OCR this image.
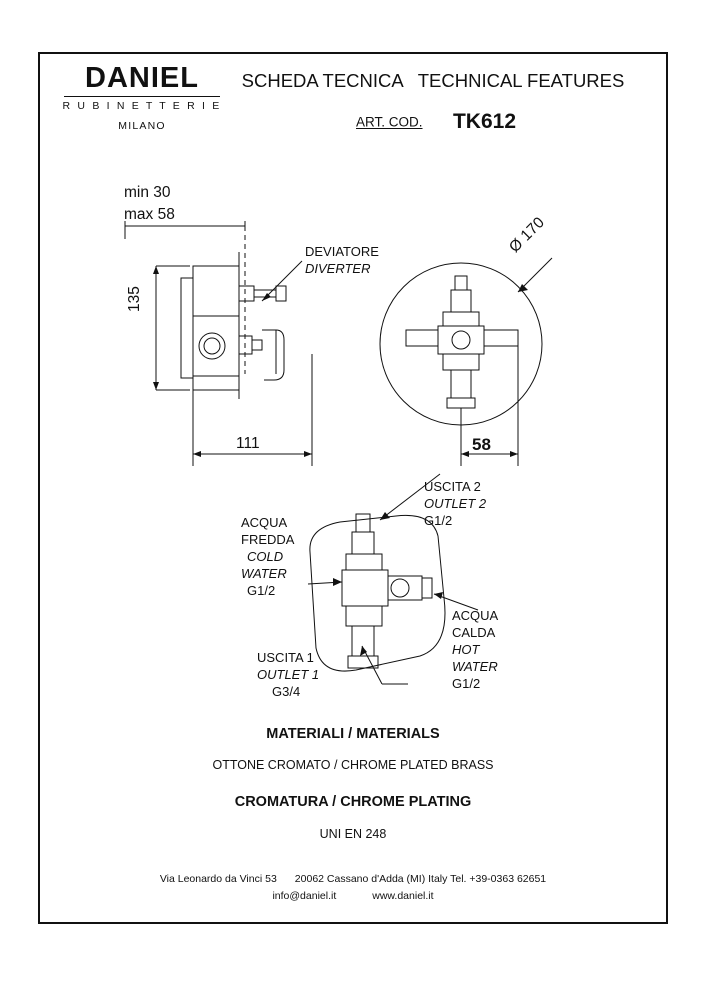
DANIEL
R U B I N E T T E R I E
MILANO
SCHEDA TECNICA TECHNICAL FEATURES
ART. COD. TK612
min 30
max 58
135
111
DEVIATORE
DIVERTER
Ø 170
58
USCITA 2
OUTLET 2
G1/2
ACQUA
FREDDA
COLD
WATER
G1/2
ACQUA
CALDA
HOT
WATER
G1/2
USCITA 1
OUTLET 1
G3/4
MATERIALI / MATERIALS
OTTONE CROMATO / CHROME PLATED BRASS
CROMATURA / CHROME PLATING
UNI EN 248
Via Leonardo da Vinci 53 20062 Cassano d'Adda (MI) Italy Tel. +39-0363 62651
info@daniel.it	www.daniel.it
